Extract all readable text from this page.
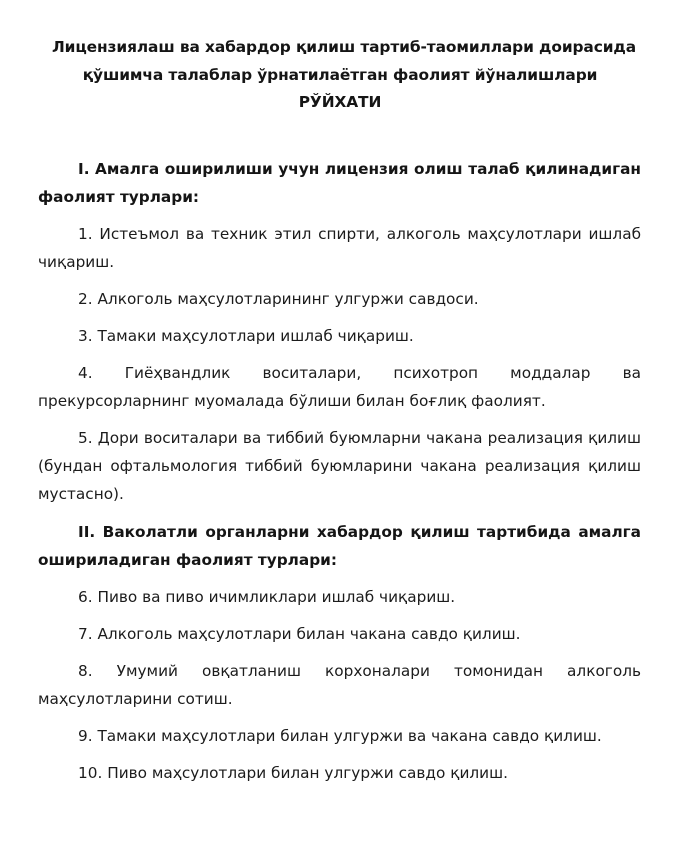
Лицензиялаш ва хабардор қилиш тартиб-таомиллари доирасида
қўшимча талаблар ўрнатилаётган фаолият йўналишлари
РЎЙХАТИ

I. Амалга оширилиши учун лицензия олиш талаб қилинадиган фаолият турлари:

1. Истеъмол ва техник этил спирти, алкоголь маҳсулотлари ишлаб чиқариш.

2. Алкоголь маҳсулотларининг улгуржи савдоси.

3. Тамаки маҳсулотлари ишлаб чиқариш.

4. Гиёҳвандлик воситалари, психотроп моддалар ва прекурсорларнинг муомалада бўлиши билан боғлиқ фаолият.

5. Дори воситалари ва тиббий буюмларни чакана реализация қилиш (бундан офтальмология тиббий буюмларини чакана реализация қилиш мустасно).

II. Ваколатли органларни хабардор қилиш тартибида амалга ошириладиган фаолият турлари:

6. Пиво ва пиво ичимликлари ишлаб чиқариш.

7. Алкоголь маҳсулотлари билан чакана савдо қилиш.

8. Умумий овқатланиш корхоналари томонидан алкоголь маҳсулотларини сотиш.

9. Тамаки маҳсулотлари билан улгуржи ва чакана савдо қилиш.

10. Пиво маҳсулотлари билан улгуржи савдо қилиш.
